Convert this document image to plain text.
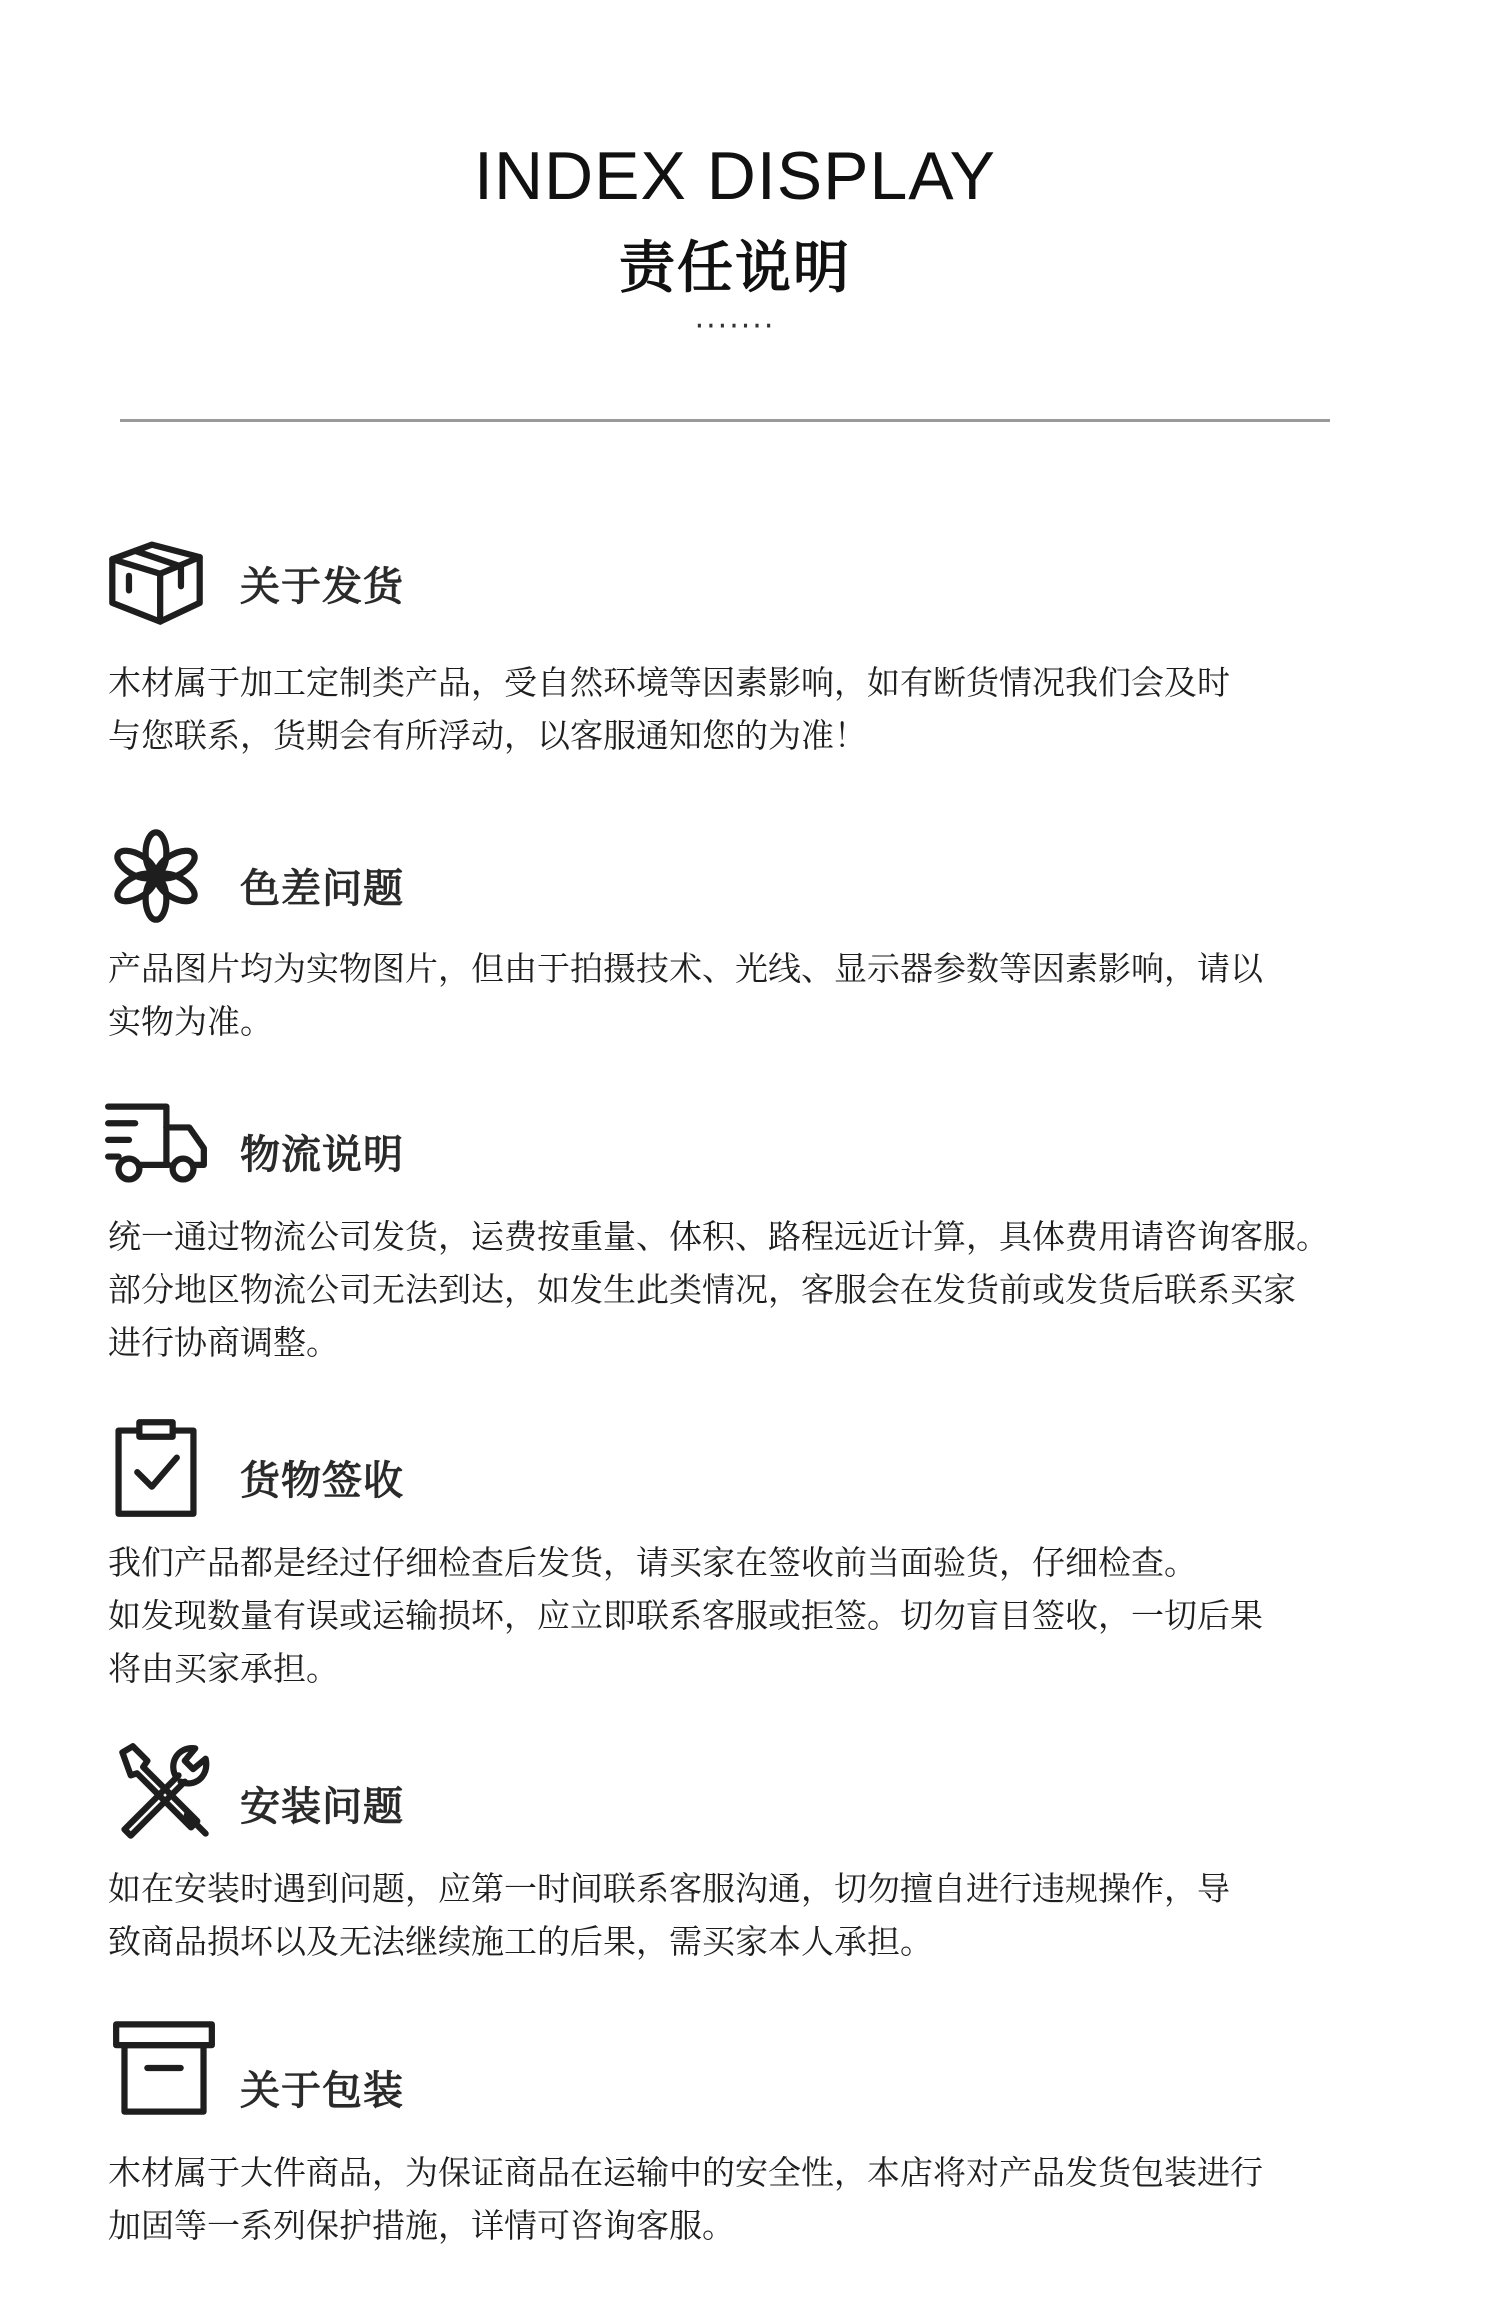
INDEX DISPLAY
责任说明
·······
关于发货
木材属于加工定制类产品，受自然环境等因素影响，如有断货情况我们会及时
与您联系，货期会有所浮动，以客服通知您的为准！
色差问题
产品图片均为实物图片，但由于拍摄技术、光线、显示器参数等因素影响，请以
实物为准。
物流说明
统一通过物流公司发货，运费按重量、体积、路程远近计算，具体费用请咨询客服。
部分地区物流公司无法到达，如发生此类情况，客服会在发货前或发货后联系买家
进行协商调整。
货物签收
我们产品都是经过仔细检查后发货，请买家在签收前当面验货，仔细检查。
如发现数量有误或运输损坏，应立即联系客服或拒签。切勿盲目签收，一切后果
将由买家承担。
安装问题
如在安装时遇到问题，应第一时间联系客服沟通，切勿擅自进行违规操作，导
致商品损坏以及无法继续施工的后果，需买家本人承担。
关于包装
木材属于大件商品，为保证商品在运输中的安全性，本店将对产品发货包装进行
加固等一系列保护措施，详情可咨询客服。
